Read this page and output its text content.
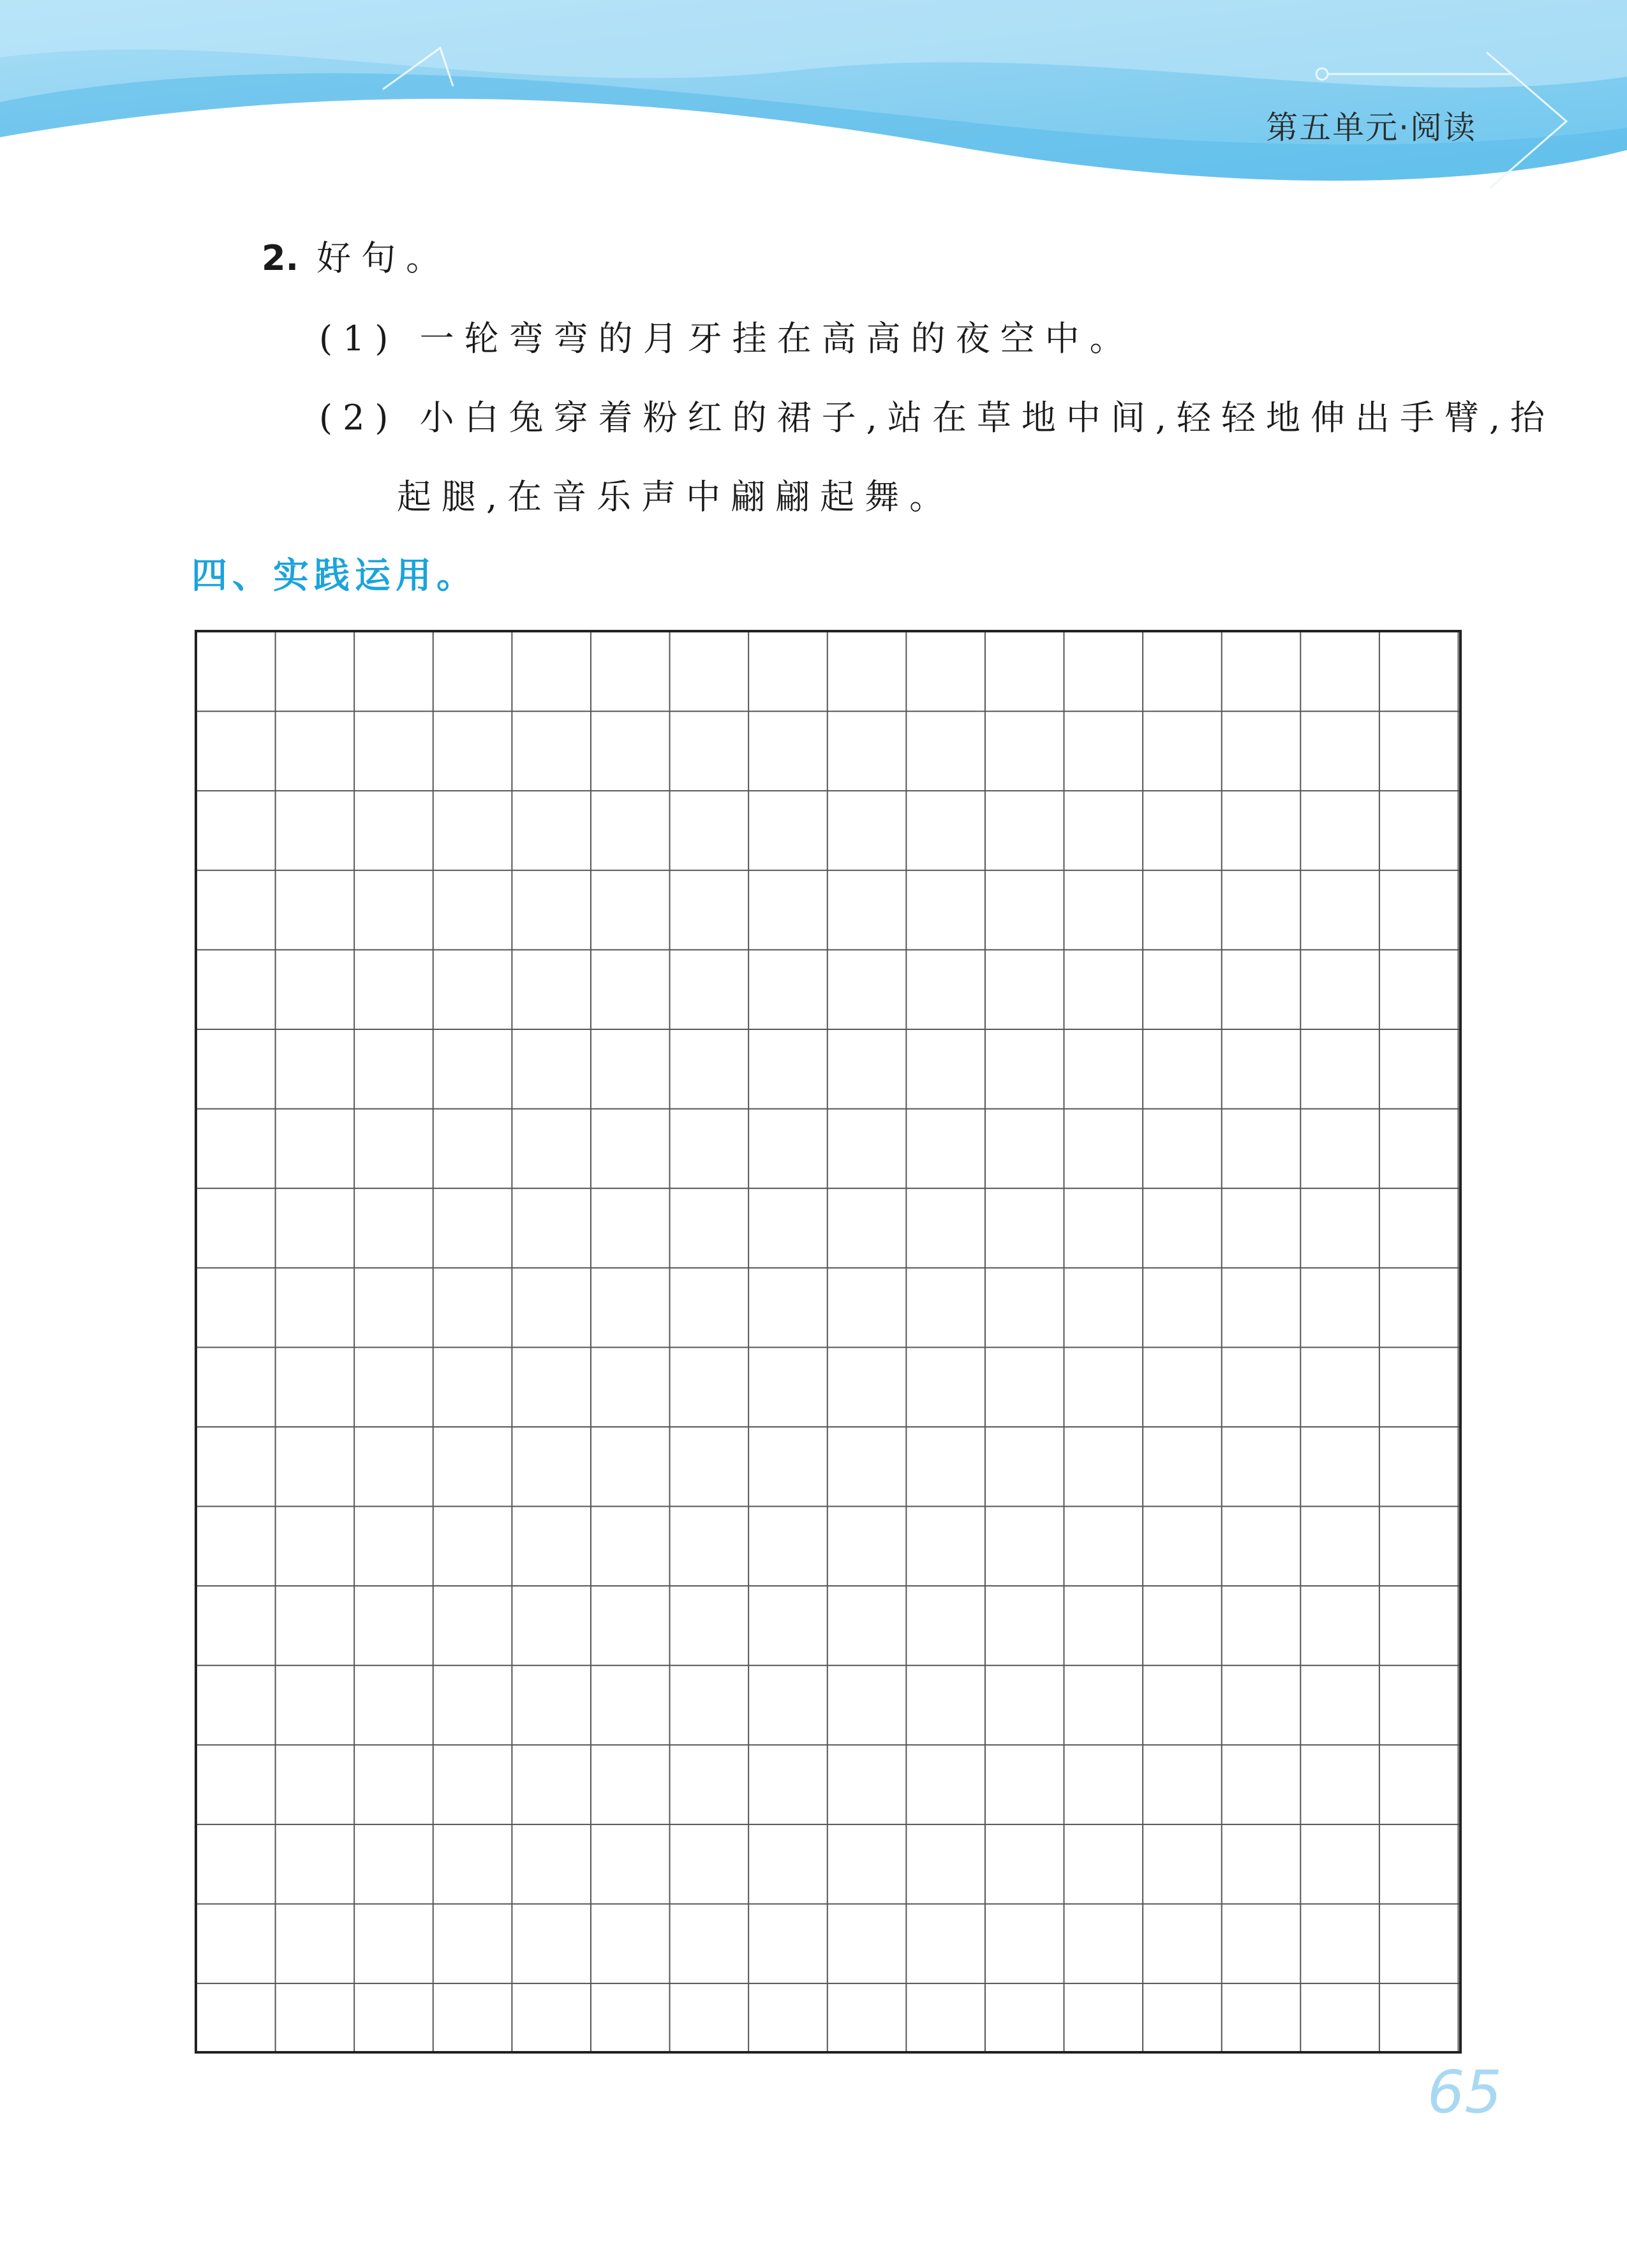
第五单元·阅读
2. 好句。
(1) 一轮弯弯的月牙挂在高高的夜空中。
(2) 小白兔穿着粉红的裙子,站在草地中间,轻轻地伸出手臂,抬
起腿,在音乐声中翩翩起舞。
四、实践运用。
65
